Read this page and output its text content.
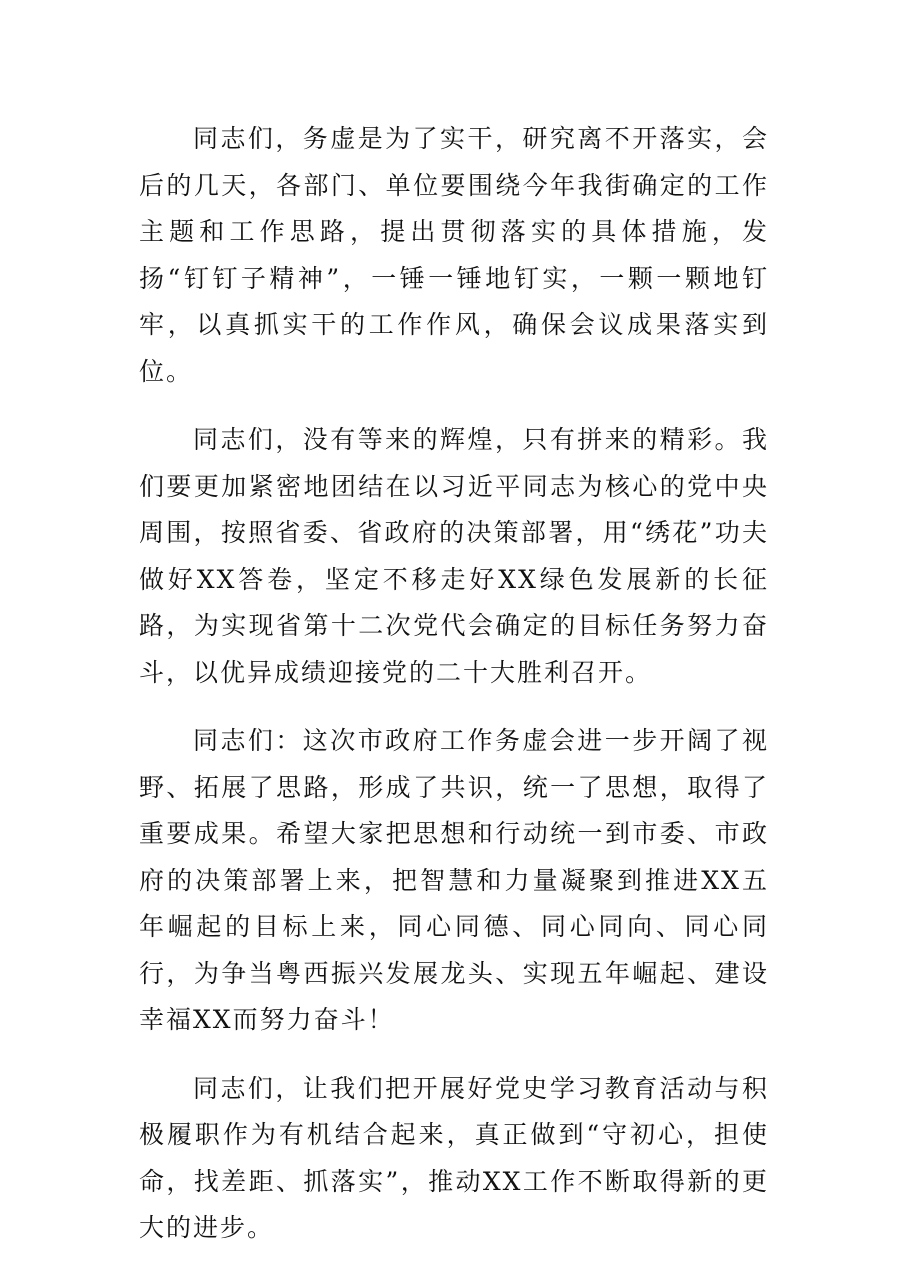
同志们，务虚是为了实干，研究离不开落实，会后的几天，各部门、单位要围绕今年我街确定的工作主题和工作思路，提出贯彻落实的具体措施，发扬“钉钉子精神”，一锤一锤地钉实，一颗一颗地钉牢，以真抓实干的工作作风，确保会议成果落实到位。

同志们，没有等来的辉煌，只有拼来的精彩。我们要更加紧密地团结在以习近平同志为核心的党中央周围，按照省委、省政府的决策部署，用“绣花”功夫做好XX答卷，坚定不移走好XX绿色发展新的长征路，为实现省第十二次党代会确定的目标任务努力奋斗，以优异成绩迎接党的二十大胜利召开。

同志们：这次市政府工作务虚会进一步开阔了视野、拓展了思路，形成了共识，统一了思想，取得了重要成果。希望大家把思想和行动统一到市委、市政府的决策部署上来，把智慧和力量凝聚到推进XX五年崛起的目标上来，同心同德、同心同向、同心同行，为争当粤西振兴发展龙头、实现五年崛起、建设幸福XX而努力奋斗！

同志们，让我们把开展好党史学习教育活动与积极履职作为有机结合起来，真正做到“守初心，担使命，找差距、抓落实”，推动XX工作不断取得新的更大的进步。
